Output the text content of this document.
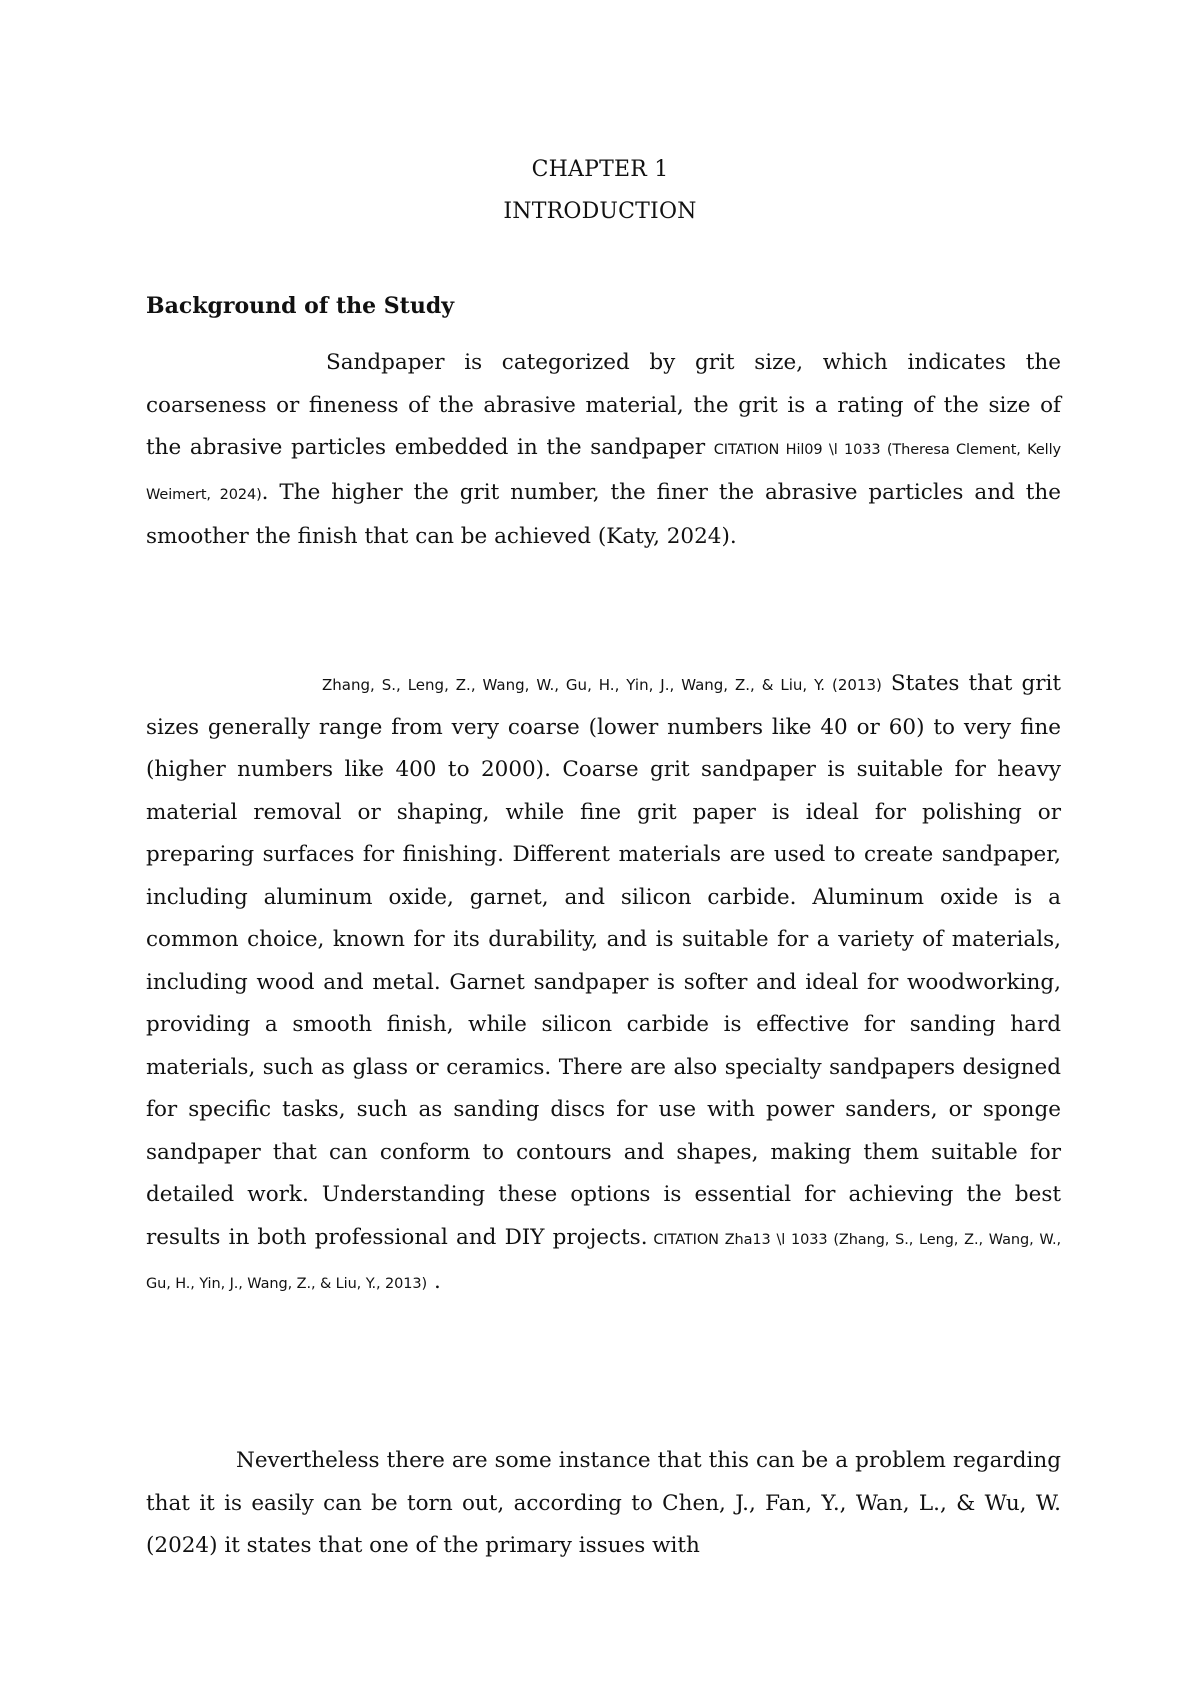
CHAPTER 1
INTRODUCTION
Background of the Study

Sandpaper is categorized by grit size, which indicates the coarseness or fineness of the abrasive material, the grit is a rating of the size of the abrasive particles embedded in the sandpaper CITATION Hil09 \l 1033 (Theresa Clement, Kelly Weimert, 2024). The higher the grit number, the finer the abrasive particles and the smoother the finish that can be achieved (Katy, 2024).

Zhang, S., Leng, Z., Wang, W., Gu, H., Yin, J., Wang, Z., & Liu, Y. (2013) States that grit sizes generally range from very coarse (lower numbers like 40 or 60) to very fine (higher numbers like 400 to 2000). Coarse grit sandpaper is suitable for heavy material removal or shaping, while fine grit paper is ideal for polishing or preparing surfaces for finishing. Different materials are used to create sandpaper, including aluminum oxide, garnet, and silicon carbide. Aluminum oxide is a common choice, known for its durability, and is suitable for a variety of materials, including wood and metal. Garnet sandpaper is softer and ideal for woodworking, providing a smooth finish, while silicon carbide is effective for sanding hard materials, such as glass or ceramics. There are also specialty sandpapers designed for specific tasks, such as sanding discs for use with power sanders, or sponge sandpaper that can conform to contours and shapes, making them suitable for detailed work. Understanding these options is essential for achieving the best results in both professional and DIY projects. CITATION Zha13 \l 1033 (Zhang, S., Leng, Z., Wang, W., Gu, H., Yin, J., Wang, Z., & Liu, Y., 2013) .

Nevertheless there are some instance that this can be a problem regarding that it is easily can be torn out, according to Chen, J., Fan, Y., Wan, L., & Wu, W. (2024) it states that one of the primary issues with
